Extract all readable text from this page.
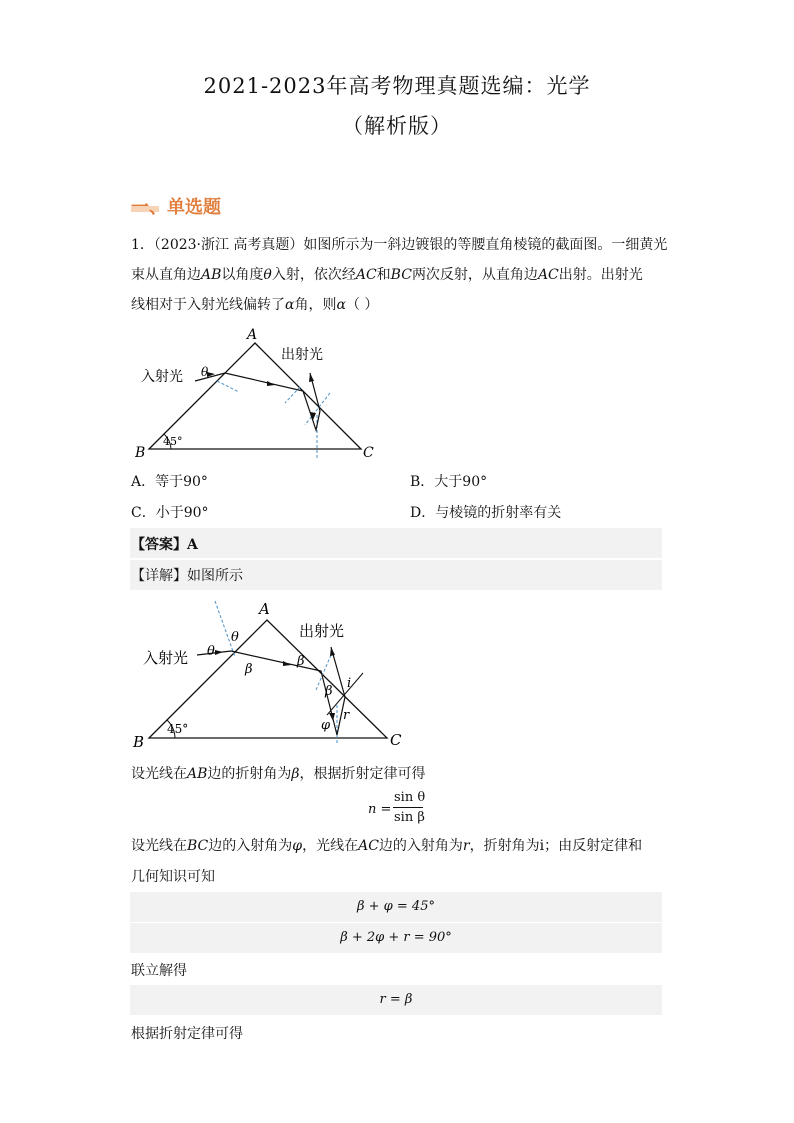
2021-2023年高考物理真题选编：光学
（解析版）
一、单选题
1．（2023·浙江 高考真题）如图所示为一斜边镀银的等腰直角棱镜的截面图。一细黄光
束从直角边AB以角度θ入射，依次经AC和BC两次反射，从直角边AC出射。出射光
线相对于入射光线偏转了α角，则α（ ）
A
B	C
入射光
出射光
θ
45°
A．等于90°	B．大于90°
C．小于90°	D．与棱镜的折射率有关
【答案】A
【详解】如图所示
A
B	C
入射光
出射光
θ
θ
β
β
β
i
r
φ
45°
设光线在AB边的折射角为β，根据折射定律可得
n =
sin θ
sin β
设光线在BC边的入射角为φ，光线在AC边的入射角为r，折射角为i；由反射定律和
几何知识可知
β + φ = 45°
β + 2φ + r = 90°
联立解得
r = β
根据折射定律可得
